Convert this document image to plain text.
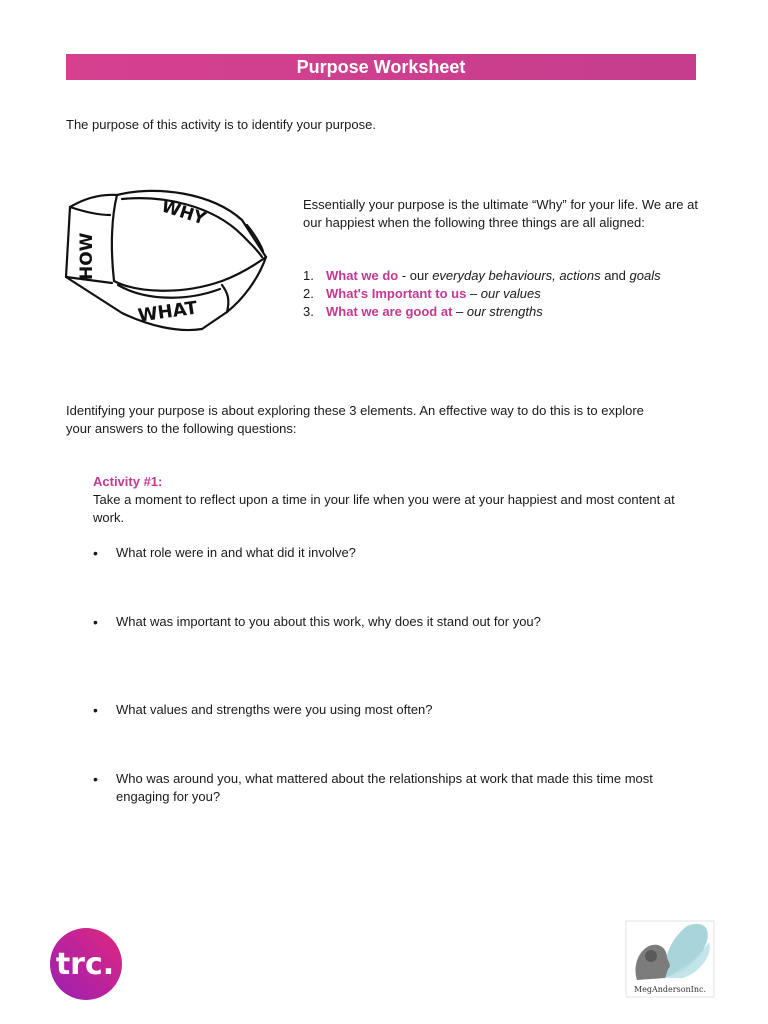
Purpose Worksheet
The purpose of this activity is to identify your purpose.
WHY
HOW
WHAT
Essentially your purpose is the ultimate “Why” for your life. We are at our happiest when the following three things are all aligned:
1. What we do - our everyday behaviours, actions and goals
2. What's Important to us – our values
3. What we are good at – our strengths
Identifying your purpose is about exploring these 3 elements. An effective way to do this is to explore your answers to the following questions:
Activity #1:
Take a moment to reflect upon a time in your life when you were at your happiest and most content at work.
• What role were in and what did it involve?
• What was important to you about this work, why does it stand out for you?
• What values and strengths were you using most often?
• Who was around you, what mattered about the relationships at work that made this time most engaging for you?
trc.
MegAndersonInc.
